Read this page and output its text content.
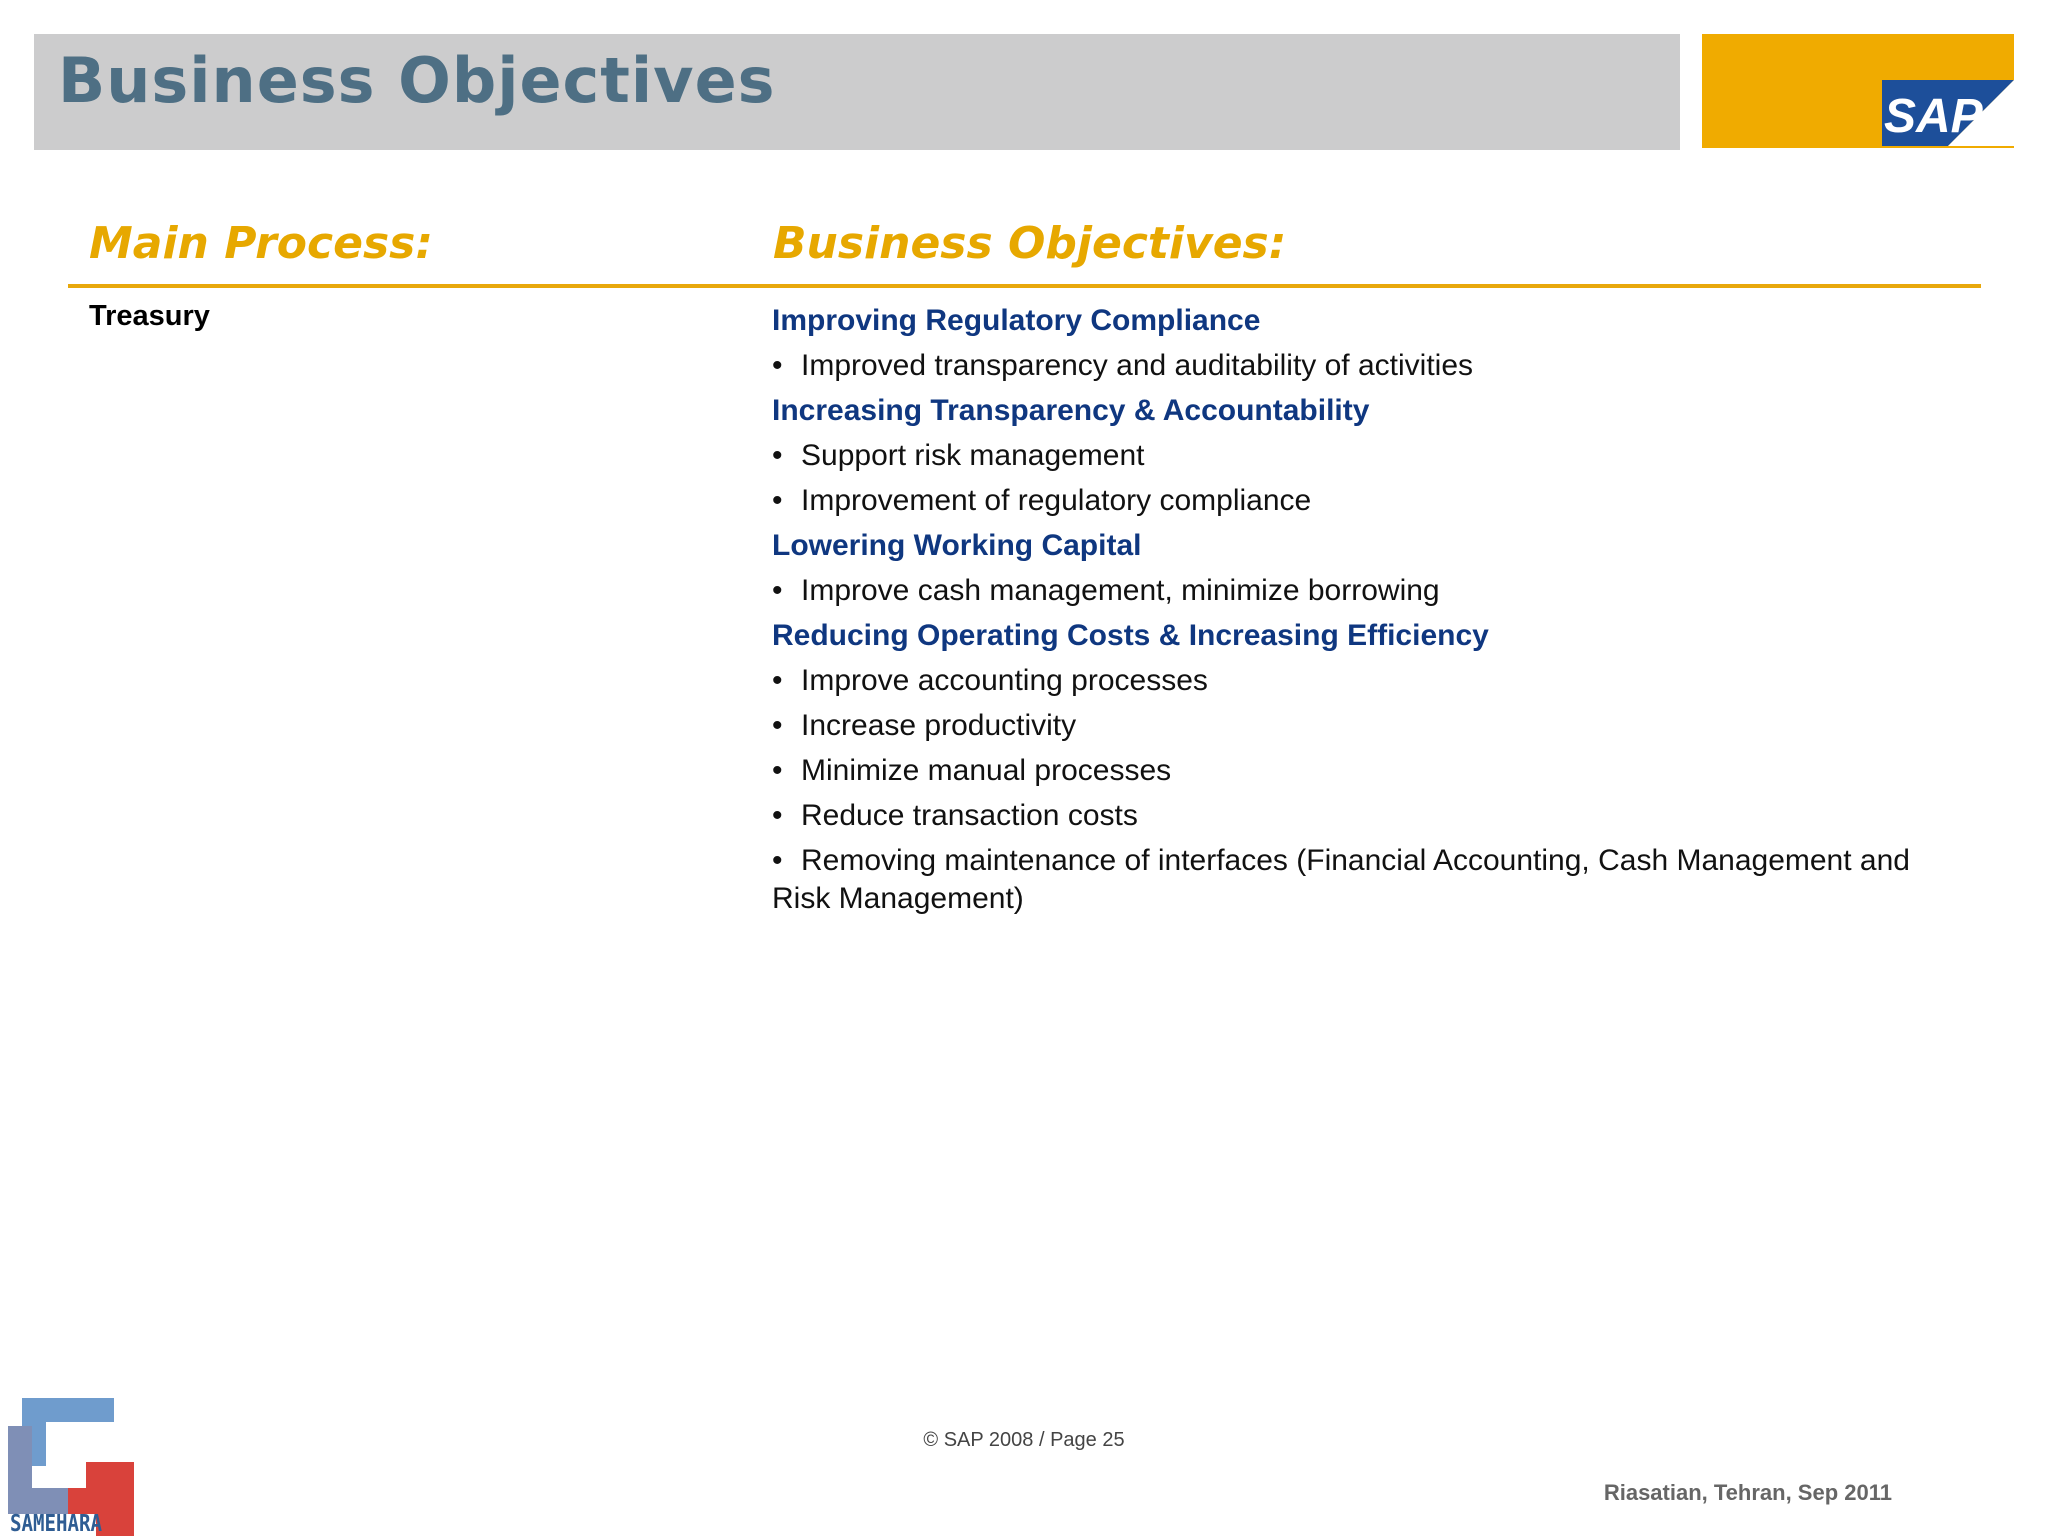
Business Objectives	SAP
Main Process:	Business Objectives:
Treasury	Improving Regulatory Compliance
• Improved transparency and auditability of activities
Increasing Transparency & Accountability
• Support risk management
• Improvement of regulatory compliance
Lowering Working Capital
• Improve cash management, minimize borrowing
Reducing Operating Costs & Increasing Efficiency
• Improve accounting processes
• Increase productivity
• Minimize manual processes
• Reduce transaction costs
• Removing maintenance of interfaces (Financial Accounting, Cash Management and Risk Management)
© SAP 2008 / Page 25
Riasatian, Tehran, Sep 2011
SAMEHARA
